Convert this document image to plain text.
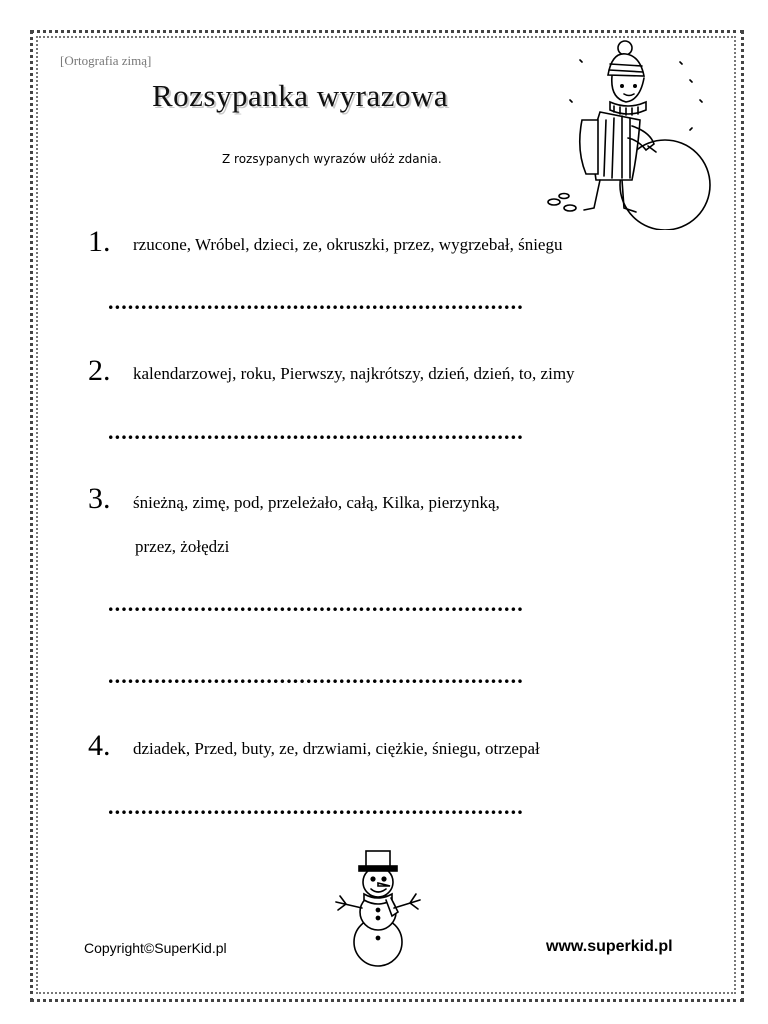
[Ortografia zimą]
Rozsypanka wyrazowa
Z rozsypanych wyrazów ułóż zdania.
1. rzucone, Wróbel, dzieci, ze, okruszki, przez, wygrzebał, śniegu
...............................................................
2. kalendarzowej, roku, Pierwszy, najkrótszy, dzień, dzień, to, zimy
...............................................................
3. śnieżną, zimę, pod, przeleżało, całą, Kilka, pierzynką,
przez, żołędzi
...............................................................
...............................................................
4. dziadek, Przed, buty, ze, drzwiami, ciężkie, śniegu, otrzepał
...............................................................
Copyright©SuperKid.pl	www.superkid.pl
